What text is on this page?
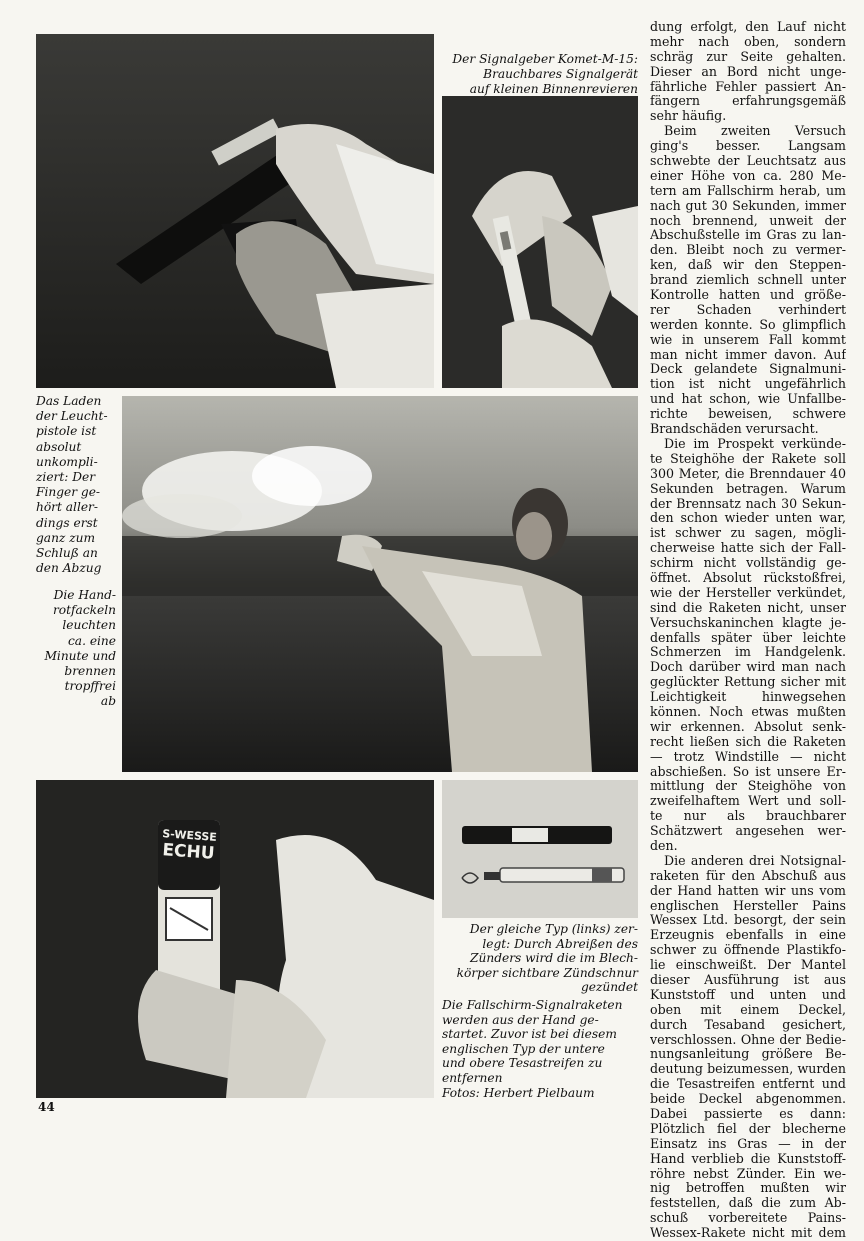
Der Signalgeber Komet-M-15:
Brauchbares Signalgerät
auf kleinen Binnenrevieren
Das Laden
der Leucht-
pistole ist
absolut
unkompli-
ziert: Der
Finger ge-
hört aller-
dings erst
ganz zum
Schluß an
den Abzug
Die Hand-
rotfackeln
leuchten
ca. eine
Minute und
brennen
tropffrei
ab
S-WESSE
ECHU
Der gleiche Typ (links) zer-
legt: Durch Abreißen des
Zünders wird die im Blech-
körper sichtbare Zündschnur
gezündet
Die Fallschirm-Signalraketen
werden aus der Hand ge-
startet. Zuvor ist bei diesem
englischen Typ der untere
und obere Tesastreifen zu
entfernen
Fotos: Herbert Pielbaum
dung erfolgt, den Lauf nicht
mehr nach oben, sondern
schräg zur Seite gehalten.
Dieser an Bord nicht unge-
fährliche Fehler passiert An-
fängern erfahrungsgemäß
sehr häufig.
Beim zweiten Versuch
ging's besser. Langsam
schwebte der Leuchtsatz aus
einer Höhe von ca. 280 Me-
tern am Fallschirm herab, um
nach gut 30 Sekunden, immer
noch brennend, unweit der
Abschußstelle im Gras zu lan-
den. Bleibt noch zu vermer-
ken, daß wir den Steppen-
brand ziemlich schnell unter
Kontrolle hatten und größe-
rer Schaden verhindert
werden konnte. So glimpflich
wie in unserem Fall kommt
man nicht immer davon. Auf
Deck gelandete Signalmuni-
tion ist nicht ungefährlich
und hat schon, wie Unfallbe-
richte beweisen, schwere
Brandschäden verursacht.
Die im Prospekt verkünde-
te Steighöhe der Rakete soll
300 Meter, die Brenndauer 40
Sekunden betragen. Warum
der Brennsatz nach 30 Sekun-
den schon wieder unten war,
ist schwer zu sagen, mögli-
cherweise hatte sich der Fall-
schirm nicht vollständig ge-
öffnet. Absolut rückstoßfrei,
wie der Hersteller verkündet,
sind die Raketen nicht, unser
Versuchskaninchen klagte je-
denfalls später über leichte
Schmerzen im Handgelenk.
Doch darüber wird man nach
geglückter Rettung sicher mit
Leichtigkeit hinwegsehen
können. Noch etwas mußten
wir erkennen. Absolut senk-
recht ließen sich die Raketen
— trotz Windstille — nicht
abschießen. So ist unsere Er-
mittlung der Steighöhe von
zweifelhaftem Wert und soll-
te nur als brauchbarer
Schätzwert angesehen wer-
den.
Die anderen drei Notsignal-
raketen für den Abschuß aus
der Hand hatten wir uns vom
englischen Hersteller Pains
Wessex Ltd. besorgt, der sein
Erzeugnis ebenfalls in eine
schwer zu öffnende Plastikfo-
lie einschweißt. Der Mantel
dieser Ausführung ist aus
Kunststoff und unten und
oben mit einem Deckel,
durch Tesaband gesichert,
verschlossen. Ohne der Bedie-
nungsanleitung größere Be-
deutung beizumessen, wurden
die Tesastreifen entfernt und
beide Deckel abgenommen.
Dabei passierte es dann:
Plötzlich fiel der blecherne
Einsatz ins Gras — in der
Hand verblieb die Kunststoff-
röhre nebst Zünder. Ein we-
nig betroffen mußten wir
feststellen, daß die zum Ab-
schuß vorbereitete Pains-
Wessex-Rakete nicht mit dem
44
